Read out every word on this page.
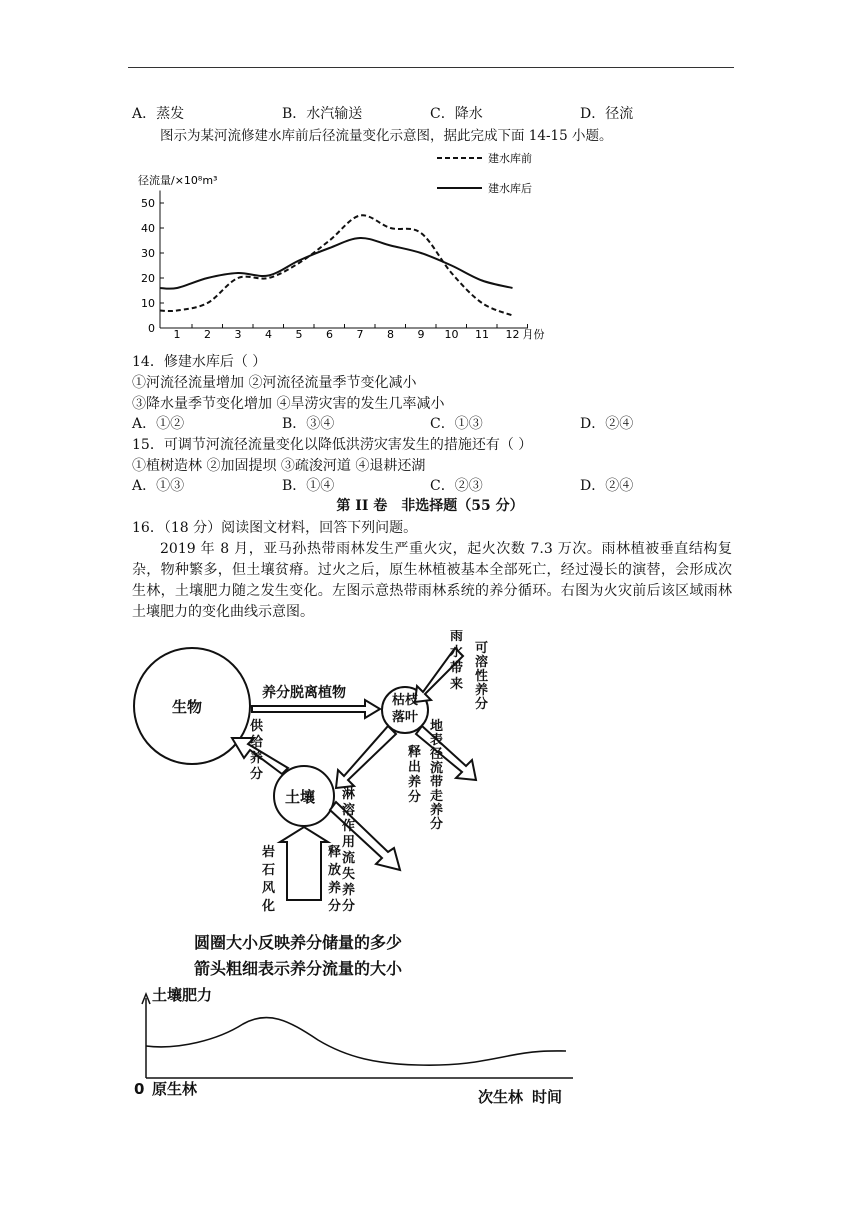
A．蒸发	B．水汽输送	C．降水	D．径流
图示为某河流修建水库前后径流量变化示意图，据此完成下面 14-15 小题。
0
10
20
30
40
50
1 2 3 4 5 6 7 8 9 10 11 12
径流量/×10⁸m³
月份
建水库前
建水库后
14．修建水库后（ ）
①河流径流量增加 ②河流径流量季节变化减小
③降水量季节变化增加 ④旱涝灾害的发生几率减小
A．①②	B．③④	C．①③	D．②④
15．可调节河流径流量变化以降低洪涝灾害发生的措施还有（ ）
①植树造林 ②加固提坝 ③疏浚河道 ④退耕还湖
A．①③	B．①④	C．②③	D．②④
第 II 卷　非选择题（55 分）
16．（18 分）阅读图文材料，回答下列问题。

2019 年 8 月，亚马孙热带雨林发生严重火灾，起火次数 7.3 万次。雨林植被垂直结构复杂，物种繁多，但土壤贫瘠。过火之后，原生林植被基本全部死亡，经过漫长的演替，会形成次生林，土壤肥力随之发生变化。左图示意热带雨林系统的养分循环。右图为火灾前后该区域雨林土壤肥力的变化曲线示意图。

生物
土壤
养分脱离植物	枯枝落叶
雨水带来
可溶性养分
释出养分
地表径流带走养分
供给养分
淋溶作用流失养分
岩石风化
释放养分
圆圈大小反映养分储量的多少
箭头粗细表示养分流量的大小
土壤肥力
0 原生林	次生林 时间
